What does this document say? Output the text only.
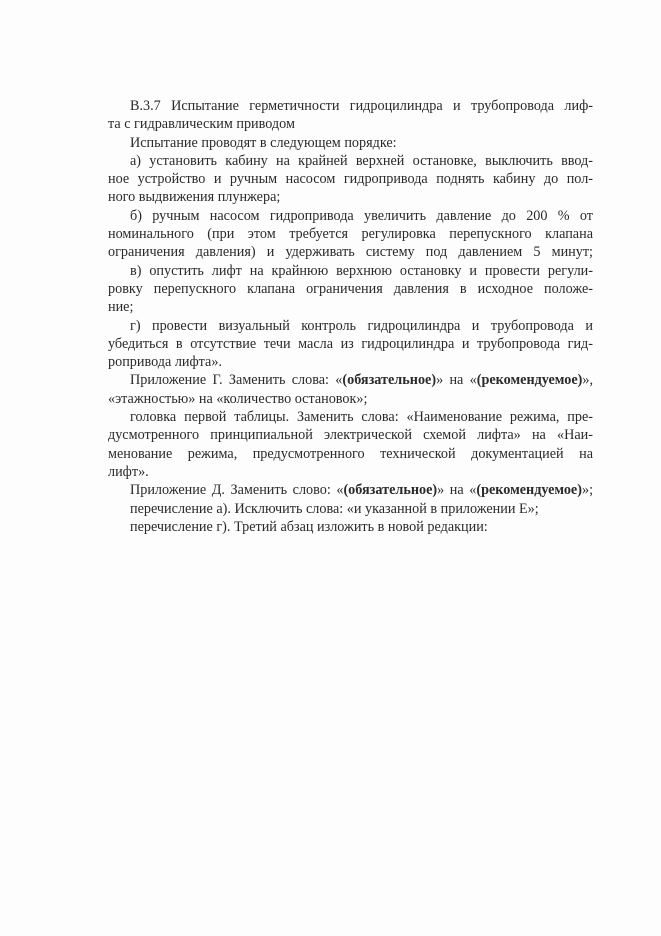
В.3.7 Испытание герметичности гидроцилиндра и трубопровода лиф-
та с гидравлическим приводом
Испытание проводят в следующем порядке:
а) установить кабину на крайней верхней остановке, выключить ввод-
ное устройство и ручным насосом гидропривода поднять кабину до пол-
ного выдвижения плунжера;
б) ручным насосом гидропривода увеличить давление до 200 % от
номинального (при этом требуется регулировка перепускного клапана
ограничения давления) и удерживать систему под давлением 5 минут;
в) опустить лифт на крайнюю верхнюю остановку и провести регули-
ровку перепускного клапана ограничения давления в исходное положе-
ние;
г) провести визуальный контроль гидроцилиндра и трубопровода и
убедиться в отсутствие течи масла из гидроцилиндра и трубопровода гид-
ропривода лифта».
Приложение Г. Заменить слова: «(обязательное)» на «(рекомендуемое)»,
«этажностью» на «количество остановок»;
головка первой таблицы. Заменить слова: «Наименование режима, пре-
дусмотренного принципиальной электрической схемой лифта» на «Наи-
менование режима, предусмотренного технической документацией на
лифт».
Приложение Д. Заменить слово: «(обязательное)» на «(рекомендуемое)»;
перечисление а). Исключить слова: «и указанной в приложении Е»;
перечисление г). Третий абзац изложить в новой редакции:
